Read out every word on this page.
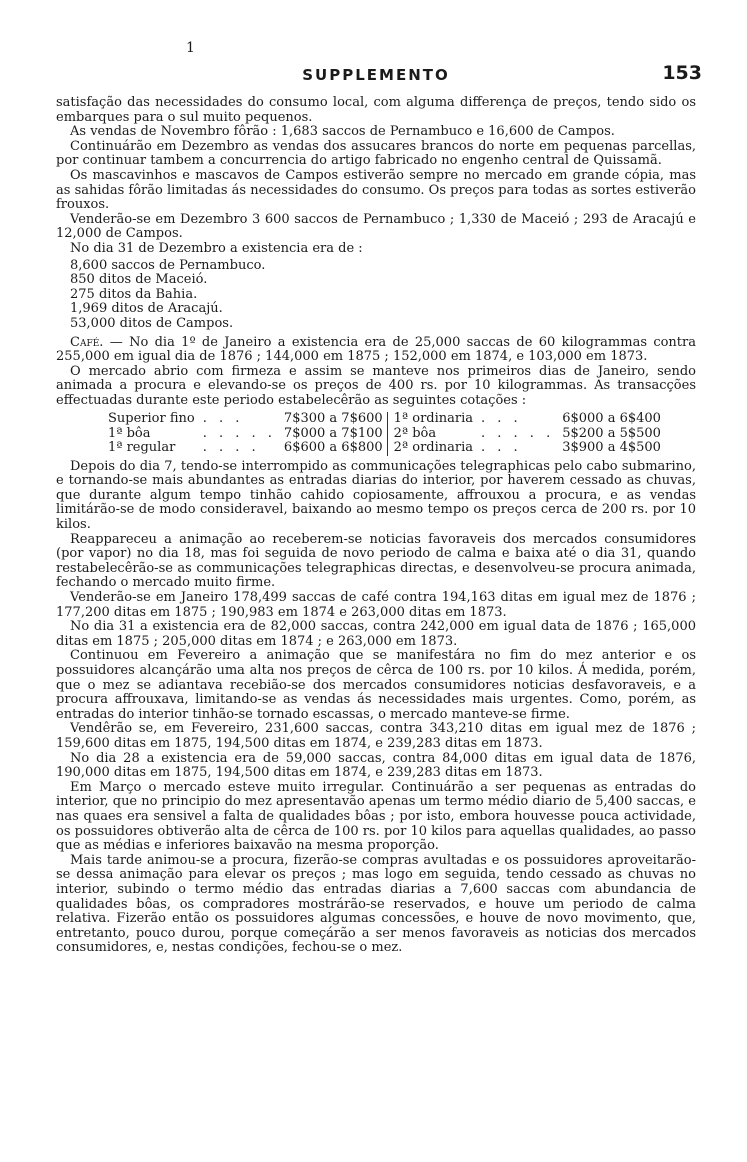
1
SUPPLEMENTO	153

satisfação das necessidades do consumo local, com alguma differença de preços, tendo sido os embarques para o sul muito pequenos.

As vendas de Novembro fôrão : 1,683 saccos de Pernambuco e 16,600 de Campos.

Continuárão em Dezembro as vendas dos assucares brancos do norte em pequenas parcellas, por continuar tambem a concurrencia do artigo fabricado no engenho central de Quissamã.

Os mascavinhos e mascavos de Campos estiverão sempre no mercado em grande cópia, mas as sahidas fôrão limitadas ás necessidades do consumo. Os preços para todas as sortes estiverão frouxos.

Venderão-se em Dezembro 3 600 saccos de Pernambuco ; 1,330 de Maceió ; 293 de Aracajú e 12,000 de Campos.

No dia 31 de Dezembro a existencia era de :

8,600 saccos de Pernambuco.
850 ditos de Maceió.
275 ditos da Bahia.
1,969 ditos de Aracajú.
53,000 ditos de Campos.

Café. — No dia 1º de Janeiro a existencia era de 25,000 saccas de 60 kilogrammas contra 255,000 em igual dia de 1876 ; 144,000 em 1875 ; 152,000 em 1874, e 103,000 em 1873.

O mercado abrio com firmeza e assim se manteve nos primeiros dias de Janeiro, sendo animada a procura e elevando-se os preços de 400 rs. por 10 kilogrammas. As transacções effectuadas durante este periodo estabelecêrão as seguintes cotações :

Superior fino	. . .	7$300 a 7$600	1ª ordinaria	. . .	6$000 a 6$400
1ª bôa	. . . . .	7$000 a 7$100	2ª bôa	. . . . .	5$200 a 5$500
1ª regular	. . . .	6$600 a 6$800	2ª ordinaria	. . .	3$900 a 4$500

Depois do dia 7, tendo-se interrompido as communicações telegraphicas pelo cabo submarino, e tornando-se mais abundantes as entradas diarias do interior, por haverem cessado as chuvas, que durante algum tempo tinhão cahido copiosamente, affrouxou a procura, e as vendas limitárão-se de modo consideravel, baixando ao mesmo tempo os preços cerca de 200 rs. por 10 kilos.

Reappareceu a animação ao receberem-se noticias favoraveis dos mercados consumidores (por vapor) no dia 18, mas foi seguida de novo periodo de calma e baixa até o dia 31, quando restabelecêrão-se as communicações telegraphicas directas, e desenvolveu-se procura animada, fechando o mercado muito firme.

Venderão-se em Janeiro 178,499 saccas de café contra 194,163 ditas em igual mez de 1876 ; 177,200 ditas em 1875 ; 190,983 em 1874 e 263,000 ditas em 1873.

No dia 31 a existencia era de 82,000 saccas, contra 242,000 em igual data de 1876 ; 165,000 ditas em 1875 ; 205,000 ditas em 1874 ; e 263,000 em 1873.

Continuou em Fevereiro a animação que se manifestára no fim do mez anterior e os possuidores alcançárão uma alta nos preços de cêrca de 100 rs. por 10 kilos. Á medida, porém, que o mez se adiantava recebião-se dos mercados consumidores noticias desfavoraveis, e a procura affrouxava, limitando-se as vendas ás necessidades mais urgentes. Como, porém, as entradas do interior tinhão-se tornado escassas, o mercado manteve-se firme.

Vendêrão se, em Fevereiro, 231,600 saccas, contra 343,210 ditas em igual mez de 1876 ; 159,600 ditas em 1875, 194,500 ditas em 1874, e 239,283 ditas em 1873.

No dia 28 a existencia era de 59,000 saccas, contra 84,000 ditas em igual data de 1876, 190,000 ditas em 1875, 194,500 ditas em 1874, e 239,283 ditas em 1873.

Em Março o mercado esteve muito irregular. Continuárão a ser pequenas as entradas do interior, que no principio do mez apresentavão apenas um termo médio diario de 5,400 saccas, e nas quaes era sensivel a falta de qualidades bôas ; por isto, embora houvesse pouca actividade, os possuidores obtiverão alta de cêrca de 100 rs. por 10 kilos para aquellas qualidades, ao passo que as médias e inferiores baixavão na mesma proporção.

Mais tarde animou-se a procura, fizerão-se compras avultadas e os possuidores aproveitarão-se dessa animação para elevar os preços ; mas logo em seguida, tendo cessado as chuvas no interior, subindo o termo médio das entradas diarias a 7,600 saccas com abundancia de qualidades bôas, os compradores mostrárão-se reservados, e houve um periodo de calma relativa. Fizerão então os possuidores algumas concessões, e houve de novo movimento, que, entretanto, pouco durou, porque começárão a ser menos favoraveis as noticias dos mercados consumidores, e, nestas condições, fechou-se o mez.
